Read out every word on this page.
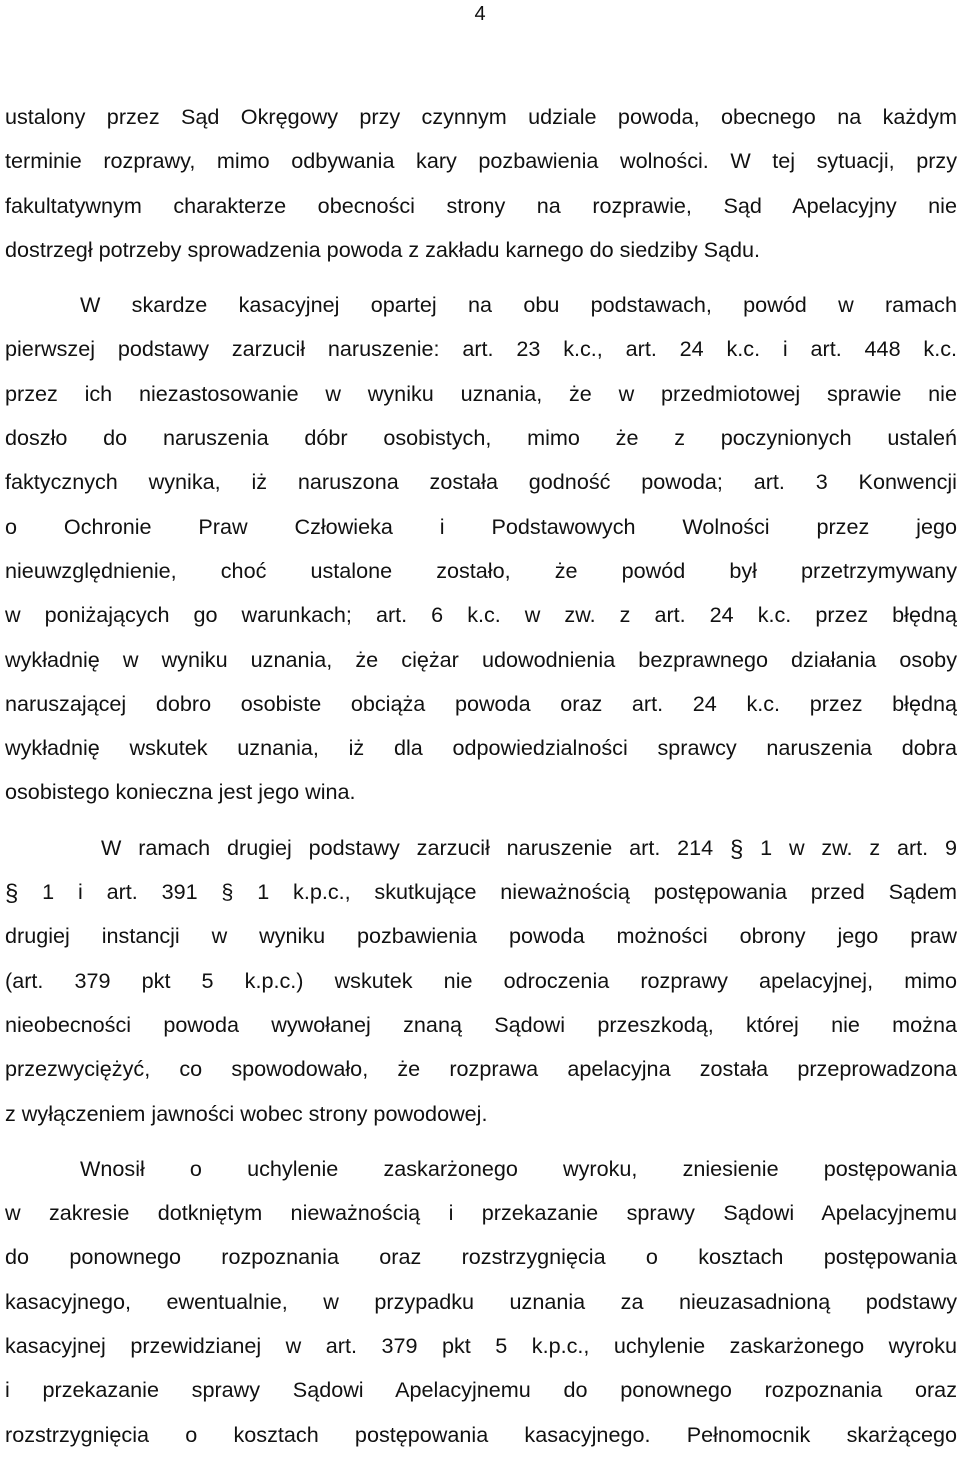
4
ustalony przez Sąd Okręgowy przy czynnym udziale powoda, obecnego na każdym
terminie rozprawy, mimo odbywania kary pozbawienia wolności. W tej sytuacji, przy
fakultatywnym charakterze obecności strony na rozprawie, Sąd Apelacyjny nie
dostrzegł potrzeby sprowadzenia powoda z zakładu karnego do siedziby Sądu.
W skardze kasacyjnej opartej na obu podstawach, powód w ramach
pierwszej podstawy zarzucił naruszenie: art. 23 k.c., art. 24 k.c. i art. 448 k.c.
przez ich niezastosowanie w wyniku uznania, że w przedmiotowej sprawie nie
doszło do naruszenia dóbr osobistych, mimo że z poczynionych ustaleń
faktycznych wynika, iż naruszona została godność powoda; art. 3 Konwencji
o Ochronie Praw Człowieka i Podstawowych Wolności przez jego
nieuwzględnienie, choć ustalone zostało, że powód był przetrzymywany
w poniżających go warunkach; art. 6 k.c. w zw. z art. 24 k.c. przez błędną
wykładnię w wyniku uznania, że ciężar udowodnienia bezprawnego działania osoby
naruszającej dobro osobiste obciąża powoda oraz art. 24 k.c. przez błędną
wykładnię wskutek uznania, iż dla odpowiedzialności sprawcy naruszenia dobra
osobistego konieczna jest jego wina.
W ramach drugiej podstawy zarzucił naruszenie art. 214 § 1 w zw. z art. 9
§ 1 i art. 391 § 1 k.p.c., skutkujące nieważnością postępowania przed Sądem
drugiej instancji w wyniku pozbawienia powoda możności obrony jego praw
(art. 379 pkt 5 k.p.c.) wskutek nie odroczenia rozprawy apelacyjnej, mimo
nieobecności powoda wywołanej znaną Sądowi przeszkodą, której nie można
przezwyciężyć, co spowodowało, że rozprawa apelacyjna została przeprowadzona
z wyłączeniem jawności wobec strony powodowej.
Wnosił o uchylenie zaskarżonego wyroku, zniesienie postępowania
w zakresie dotkniętym nieważnością i przekazanie sprawy Sądowi Apelacyjnemu
do ponownego rozpoznania oraz rozstrzygnięcia o kosztach postępowania
kasacyjnego, ewentualnie, w przypadku uznania za nieuzasadnioną podstawy
kasacyjnej przewidzianej w art. 379 pkt 5 k.p.c., uchylenie zaskarżonego wyroku
i przekazanie sprawy Sądowi Apelacyjnemu do ponownego rozpoznania oraz
rozstrzygnięcia o kosztach postępowania kasacyjnego. Pełnomocnik skarżącego
